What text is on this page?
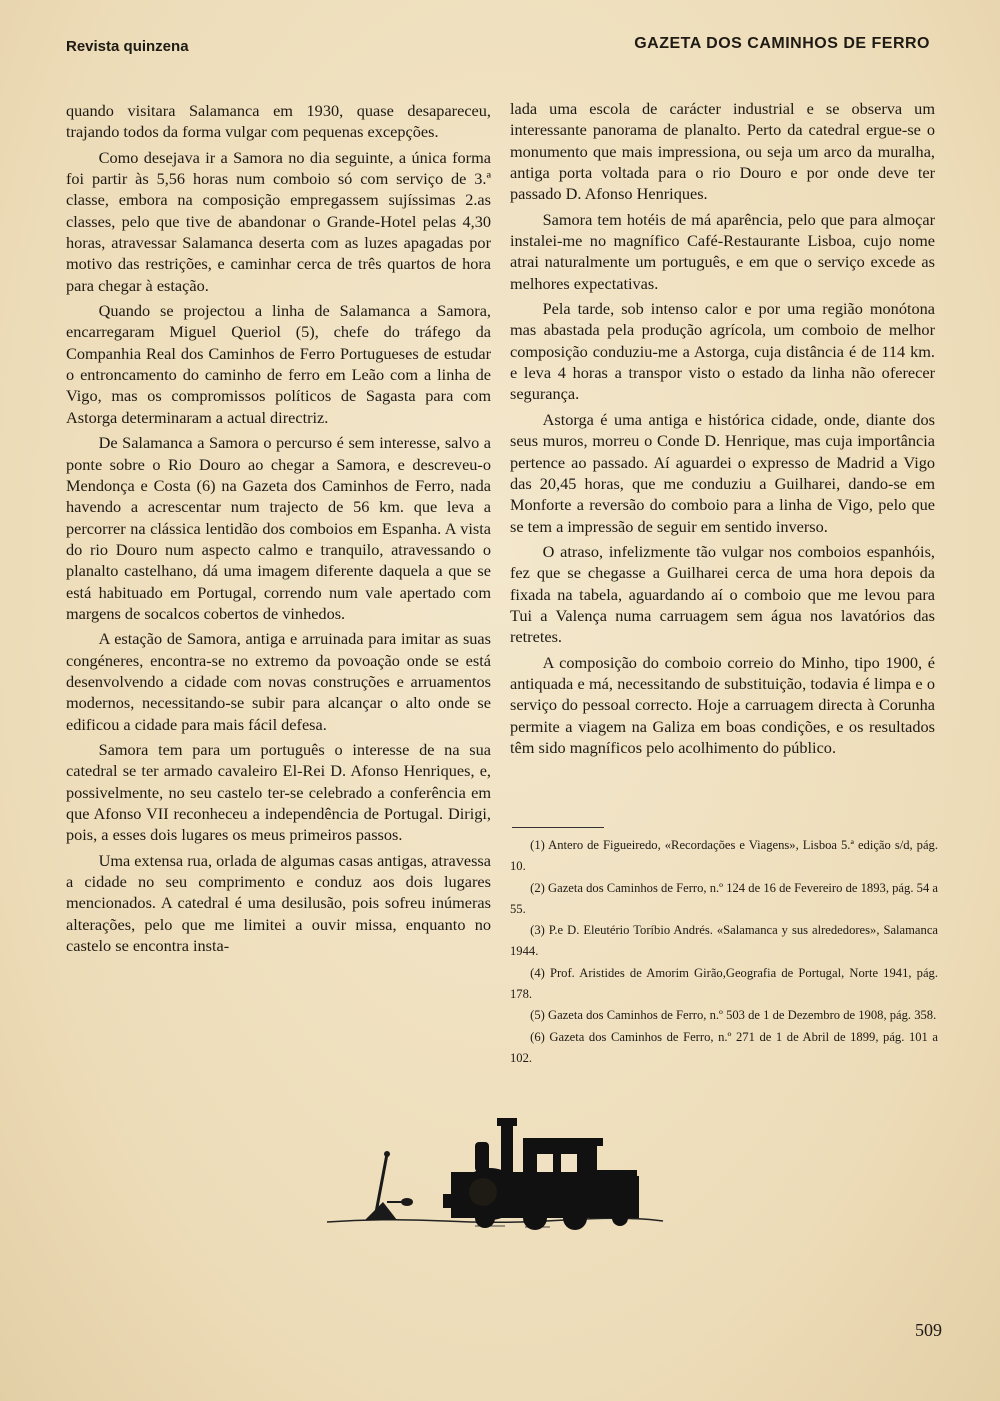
Revista quinzena	GAZETA DOS CAMINHOS DE FERRO

quando visitara Salamanca em 1930, quase desapareceu, trajando todos da forma vulgar com pequenas excepções.

Como desejava ir a Samora no dia seguinte, a única forma foi partir às 5,56 horas num comboio só com serviço de 3.ª classe, embora na composição empregassem sujíssimas 2.as classes, pelo que tive de abandonar o Grande-Hotel pelas 4,30 horas, atravessar Salamanca deserta com as luzes apagadas por motivo das restrições, e caminhar cerca de três quartos de hora para chegar à estação.

Quando se projectou a linha de Salamanca a Samora, encarregaram Miguel Queriol (5), chefe do tráfego da Companhia Real dos Caminhos de Ferro Portugueses de estudar o entroncamento do caminho de ferro em Leão com a linha de Vigo, mas os compromissos políticos de Sagasta para com Astorga determinaram a actual directriz.

De Salamanca a Samora o percurso é sem interesse, salvo a ponte sobre o Rio Douro ao chegar a Samora, e descreveu-o Mendonça e Costa (6) na Gazeta dos Caminhos de Ferro, nada havendo a acrescentar num trajecto de 56 km. que leva a percorrer na clássica lentidão dos comboios em Espanha. A vista do rio Douro num aspecto calmo e tranquilo, atravessando o planalto castelhano, dá uma imagem diferente daquela a que se está habituado em Portugal, correndo num vale apertado com margens de socalcos cobertos de vinhedos.

A estação de Samora, antiga e arruinada para imitar as suas congéneres, encontra-se no extremo da povoação onde se está desenvolvendo a cidade com novas construções e arruamentos modernos, necessitando-se subir para alcançar o alto onde se edificou a cidade para mais fácil defesa.

Samora tem para um português o interesse de na sua catedral se ter armado cavaleiro El-Rei D. Afonso Henriques, e, possivelmente, no seu castelo ter-se celebrado a conferência em que Afonso VII reconheceu a independência de Portugal. Dirigi, pois, a esses dois lugares os meus primeiros passos.

Uma extensa rua, orlada de algumas casas antigas, atravessa a cidade no seu comprimento e conduz aos dois lugares mencionados. A catedral é uma desilusão, pois sofreu inúmeras alterações, pelo que me limitei a ouvir missa, enquanto no castelo se encontra insta-

lada uma escola de carácter industrial e se observa um interessante panorama de planalto. Perto da catedral ergue-se o monumento que mais impressiona, ou seja um arco da muralha, antiga porta voltada para o rio Douro e por onde deve ter passado D. Afonso Henriques.

Samora tem hotéis de má aparência, pelo que para almoçar instalei-me no magnífico Café-Restaurante Lisboa, cujo nome atrai naturalmente um português, e em que o serviço excede as melhores expectativas.

Pela tarde, sob intenso calor e por uma região monótona mas abastada pela produção agrícola, um comboio de melhor composição conduziu-me a Astorga, cuja distância é de 114 km. e leva 4 horas a transpor visto o estado da linha não oferecer segurança.

Astorga é uma antiga e histórica cidade, onde, diante dos seus muros, morreu o Conde D. Henrique, mas cuja importância pertence ao passado. Aí aguardei o expresso de Madrid a Vigo das 20,45 horas, que me conduziu a Guilharei, dando-se em Monforte a reversão do comboio para a linha de Vigo, pelo que se tem a impressão de seguir em sentido inverso.

O atraso, infelizmente tão vulgar nos comboios espanhóis, fez que se chegasse a Guilharei cerca de uma hora depois da fixada na tabela, aguardando aí o comboio que me levou para Tui a Valença numa carruagem sem água nos lavatórios das retretes.

A composição do comboio correio do Minho, tipo 1900, é antiquada e má, necessitando de substituição, todavia é limpa e o serviço do pessoal correcto. Hoje a carruagem directa à Corunha permite a viagem na Galiza em boas condições, e os resultados têm sido magníficos pelo acolhimento do público.

(1) Antero de Figueiredo, «Recordações e Viagens», Lisboa 5.ª edição s/d, pág. 10.

(2) Gazeta dos Caminhos de Ferro, n.º 124 de 16 de Fevereiro de 1893, pág. 54 a 55.

(3) P.e D. Eleutério Toríbio Andrés. «Salamanca y sus alrededores», Salamanca 1944.

(4) Prof. Aristides de Amorim Girão,Geografia de Portugal, Norte 1941, pág. 178.

(5) Gazeta dos Caminhos de Ferro, n.º 503 de 1 de Dezembro de 1908, pág. 358.

(6) Gazeta dos Caminhos de Ferro, n.º 271 de 1 de Abril de 1899, pág. 101 a 102.

509
